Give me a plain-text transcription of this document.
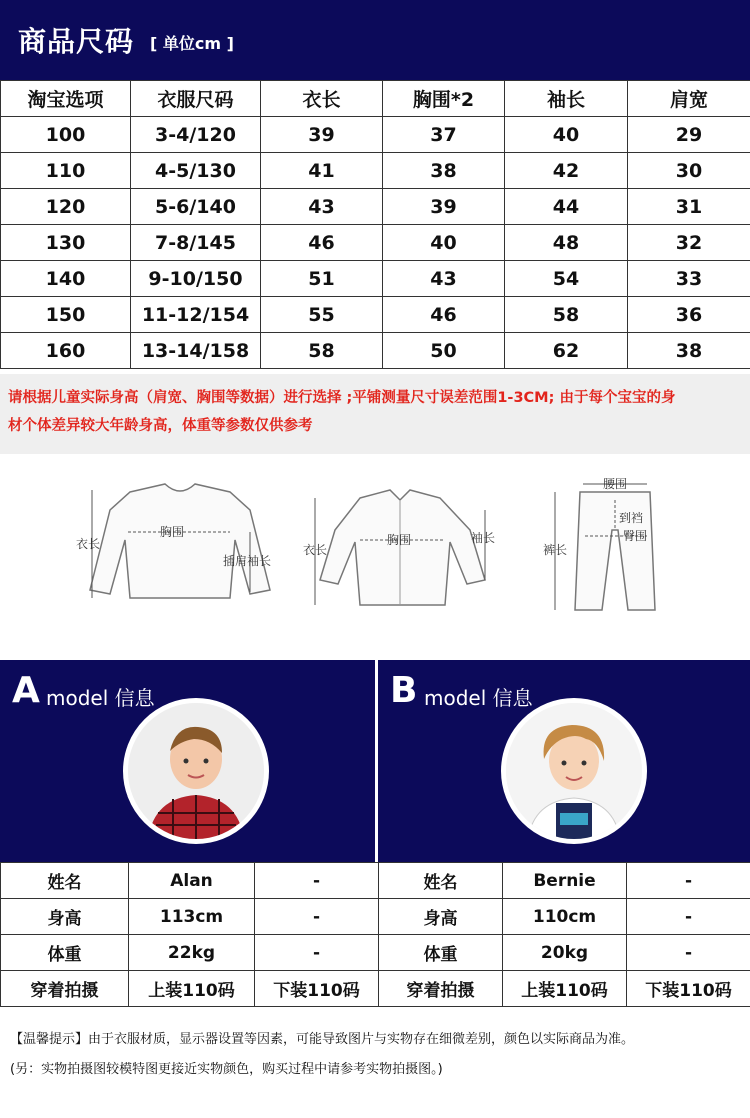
商品尺码 [ 单位cm ]
淘宝选项	衣服尺码	衣长	胸围*2	袖长	肩宽
100	3-4/120	39	37	40	29
110	4-5/130	41	38	42	30
120	5-6/140	43	39	44	31
130	7-8/145	46	40	48	32
140	9-10/150	51	43	54	33
150	11-12/154	55	46	58	36
160	13-14/158	58	50	62	38
请根据儿童实际身高（肩宽、胸围等数据）进行选择 ;平铺测量尺寸误差范围1-3CM; 由于每个宝宝的身
材个体差异较大年龄身高，体重等参数仅供参考
衣长
胸围
插肩袖长
衣长
胸围	袖长
腰围
到裆
臀围
裤长
A model 信息	B model 信息
姓名	Alan	-	姓名	Bernie	-
身高	113cm	-	身高	110cm	-
体重	22kg	-	体重	20kg	-
穿着拍摄	上装110码	下装110码	穿着拍摄	上装110码	下装110码
【温馨提示】由于衣服材质，显示器设置等因素，可能导致图片与实物存在细微差别，颜色以实际商品为准。
(另：实物拍摄图较模特图更接近实物颜色，购买过程中请参考实物拍摄图。)
